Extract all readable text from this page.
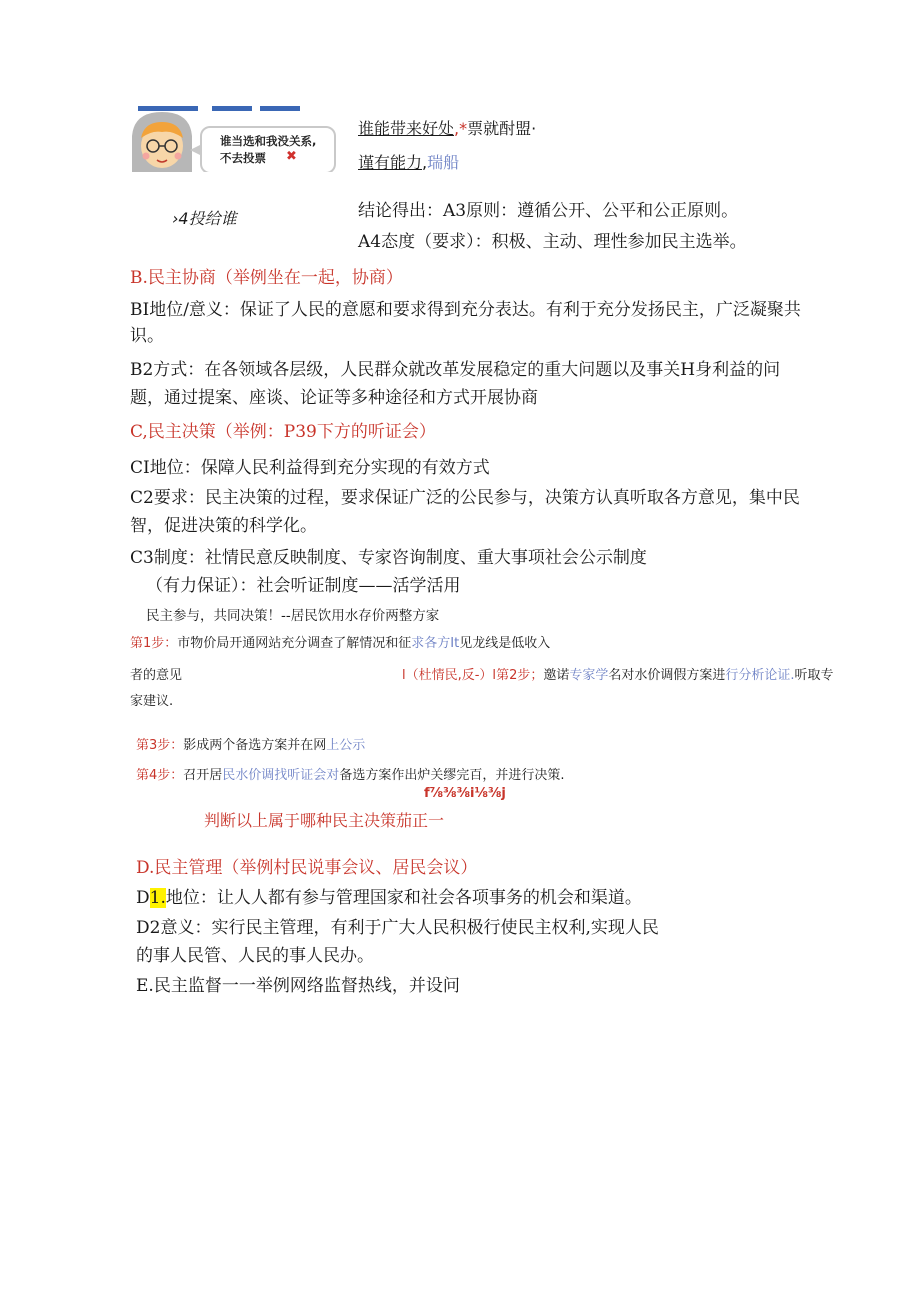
谁当选和我没关系,
不去投票 ✖
谁能带来好处,*票就酎盟·
谨有能力,瑞船
›4投给谁	结论得出：A3原则：遵循公开、公平和公正原则。
A4态度（要求）：积极、主动、理性参加民主选举。
B.民主协商（举例坐在一起，协商）
BI地位/意义：保证了人民的意愿和要求得到充分表达。有利于充分发扬民主，广泛凝聚共
识。
B2方式：在各领域各层级，人民群众就改革发展稳定的重大问题以及事关H身利益的问
题，通过提案、座谈、论证等多种途径和方式开展协商
C,民主决策（举例：P39下方的听证会）
CI地位：保障人民利益得到充分实现的有效方式
C2要求：民主决策的过程，要求保证广泛的公民参与，决策方认真听取各方意见，集中民
智，促进决策的科学化。
C3制度：社情民意反映制度、专家咨询制度、重大事项社会公示制度
（有力保证）：社会听证制度——活学活用
民主参与，共同决策！--居民饮用水存价两整方家
第1步：市物价局开通网站充分调查了解情况和征求各方It见龙线是低收入
者的意见	l（杜情民,反-）l第2步；邀诺专家学名对水价调假方案进行分析论证.听取专
家建议.
第3步：影成两个备选方案并在网上公示
第4步：召开居民水价调找听证会对备选方案作出炉关缪完百，并进行决策.
f⅞⅜⅜i⅛⅜j
判断以上属于哪种民主决策茄正一
D.民主管理（举例村民说事会议、居民会议）
D1.地位：让人人都有参与管理国家和社会各项事务的机会和渠道。
D2意义：实行民主管理，有利于广大人民积极行使民主权利,实现人民
的事人民管、人民的事人民办。
E.民主监督一一举例网络监督热线，并设问
